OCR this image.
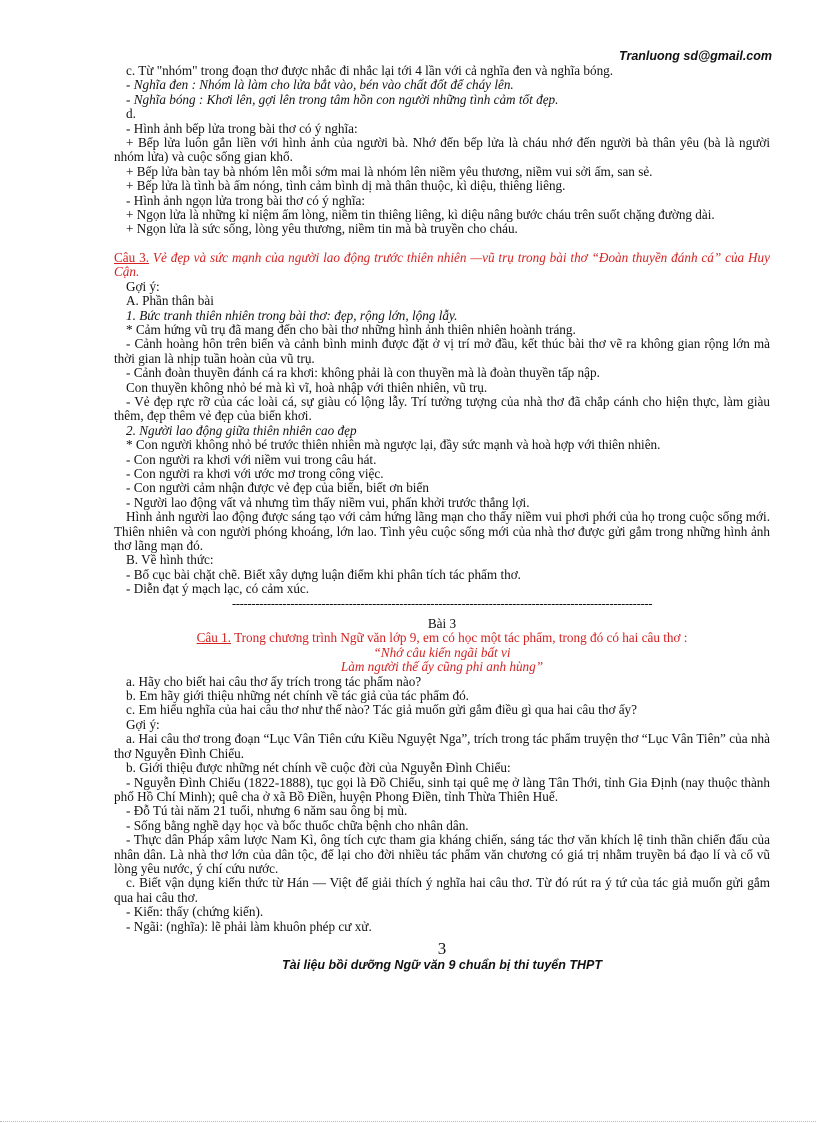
Tranluong sd@gmail.com
c. Từ "nhóm" trong đoạn thơ được nhắc đi nhắc lại tới 4 lần với cả nghĩa đen và nghĩa bóng.
- Nghĩa đen : Nhóm là làm cho lửa bắt vào, bén vào chất đốt để cháy lên.
- Nghĩa bóng : Khơi lên, gợi lên trong tâm hồn con người những tình cảm tốt đẹp.
d.
- Hình ảnh bếp lửa trong bài thơ có ý nghĩa:
+ Bếp lửa luôn gắn liền với hình ảnh của người bà. Nhớ đến bếp lửa là cháu nhớ đến người bà thân yêu (bà là người nhóm lửa) và cuộc sống gian khổ.
+ Bếp lửa bàn tay bà nhóm lên mỗi sớm mai là nhóm lên niềm yêu thương, niềm vui sởi ấm, san sẻ.
+ Bếp lửa là tình bà ấm nóng, tình cảm bình dị mà thân thuộc, kì diệu, thiêng liêng.
- Hình ảnh ngọn lửa trong bài thơ có ý nghĩa:
+ Ngọn lửa là những kỉ niệm ấm lòng, niềm tin thiêng liêng, kì diệu nâng bước cháu trên suốt chặng đường dài.
+ Ngọn lửa là sức sống, lòng yêu thương, niềm tin mà bà truyền cho cháu.
Câu 3. Vẻ đẹp và sức mạnh của người lao động trước thiên nhiên —vũ trụ trong bài thơ “Đoàn thuyền đánh cá” của Huy Cận.
Gợi ý:
A. Phần thân bài
1. Bức tranh thiên nhiên trong bài thơ: đẹp, rộng lớn, lộng lẫy.
* Cảm hứng vũ trụ đã mang đến cho bài thơ những hình ảnh thiên nhiên hoành tráng.
- Cảnh hoàng hôn trên biển và cảnh bình minh được đặt ở vị trí mở đầu, kết thúc bài thơ vẽ ra không gian rộng lớn mà thời gian là nhịp tuần hoàn của vũ trụ.
- Cảnh đoàn thuyền đánh cá ra khơi: không phải là con thuyền mà là đoàn thuyền tấp nập.
Con thuyền không nhỏ bé mà kì vĩ, hoà nhập với thiên nhiên, vũ trụ.
- Vẻ đẹp rực rỡ của các loài cá, sự giàu có lộng lẫy. Trí tưởng tượng của nhà thơ đã chắp cánh cho hiện thực, làm giàu thêm, đẹp thêm vẻ đẹp của biển khơi.
2. Người lao động giữa thiên nhiên cao đẹp
* Con người không nhỏ bé trước thiên nhiên mà ngược lại, đầy sức mạnh và hoà hợp với thiên nhiên.
- Con người ra khơi với niềm vui trong câu hát.
- Con người ra khơi với ước mơ trong công việc.
- Con người cảm nhận được vẻ đẹp của biển, biết ơn biển
- Người lao động vất vả nhưng tìm thấy niềm vui, phấn khởi trước thắng lợi.
Hình ảnh người lao động được sáng tạo với cảm hứng lãng mạn cho thấy niềm vui phơi phới của họ trong cuộc sống mới. Thiên nhiên và con người phóng khoáng, lớn lao. Tình yêu cuộc sống mới của nhà thơ được gửi gắm trong những hình ảnh thơ lãng mạn đó.
B. Về hình thức:
- Bố cục bài chặt chẽ. Biết xây dựng luận điểm khi phân tích tác phẩm thơ.
- Diễn đạt ý mạch lạc, có cảm xúc.
------------------------------------------------------------------------------------------------------------
Bài 3
Câu 1. Trong chương trình Ngữ văn lớp 9, em có học một tác phẩm, trong đó có hai câu thơ :
“Nhớ câu kiến ngãi bất vi
Làm người thế ấy cũng phi anh hùng”
a. Hãy cho biết hai câu thơ ấy trích trong tác phẩm nào?
b. Em hãy giới thiệu những nét chính về tác giả của tác phẩm đó.
c. Em hiểu nghĩa của hai câu thơ như thế nào? Tác giả muốn gửi gắm điều gì qua hai câu thơ ấy?
Gợi ý:
a. Hai câu thơ trong đoạn “Lục Vân Tiên cứu Kiều Nguyệt Nga”, trích trong tác phẩm truyện thơ “Lục Vân Tiên” của nhà thơ Nguyễn Đình Chiểu.
b. Giới thiệu được những nét chính về cuộc đời của Nguyễn Đình Chiểu:
- Nguyễn Đình Chiểu (1822-1888), tục gọi là Đồ Chiểu, sinh tại quê mẹ ở làng Tân Thới, tỉnh Gia Định (nay thuộc thành phố Hồ Chí Minh); quê cha ở xã Bồ Điền, huyện Phong Điền, tỉnh Thừa Thiên Huế.
- Đỗ Tú tài năm 21 tuổi, nhưng 6 năm sau ông bị mù.
- Sống bằng nghề dạy học và bốc thuốc chữa bệnh cho nhân dân.
- Thực dân Pháp xâm lược Nam Kì, ông tích cực tham gia kháng chiến, sáng tác thơ văn khích lệ tinh thần chiến đấu của nhân dân. Là nhà thơ lớn của dân tộc, để lại cho đời nhiều tác phẩm văn chương có giá trị nhằm truyền bá đạo lí và cổ vũ lòng yêu nước, ý chí cứu nước.
c. Biết vận dụng kiến thức từ Hán — Việt để giải thích ý nghĩa hai câu thơ. Từ đó rút ra ý tứ của tác giả muốn gửi gắm qua hai câu thơ.
- Kiến: thấy (chứng kiến).
- Ngãi: (nghĩa): lẽ phải làm khuôn phép cư xử.
3
Tài liệu bồi dưỡng Ngữ văn 9 chuẩn bị thi tuyển THPT
